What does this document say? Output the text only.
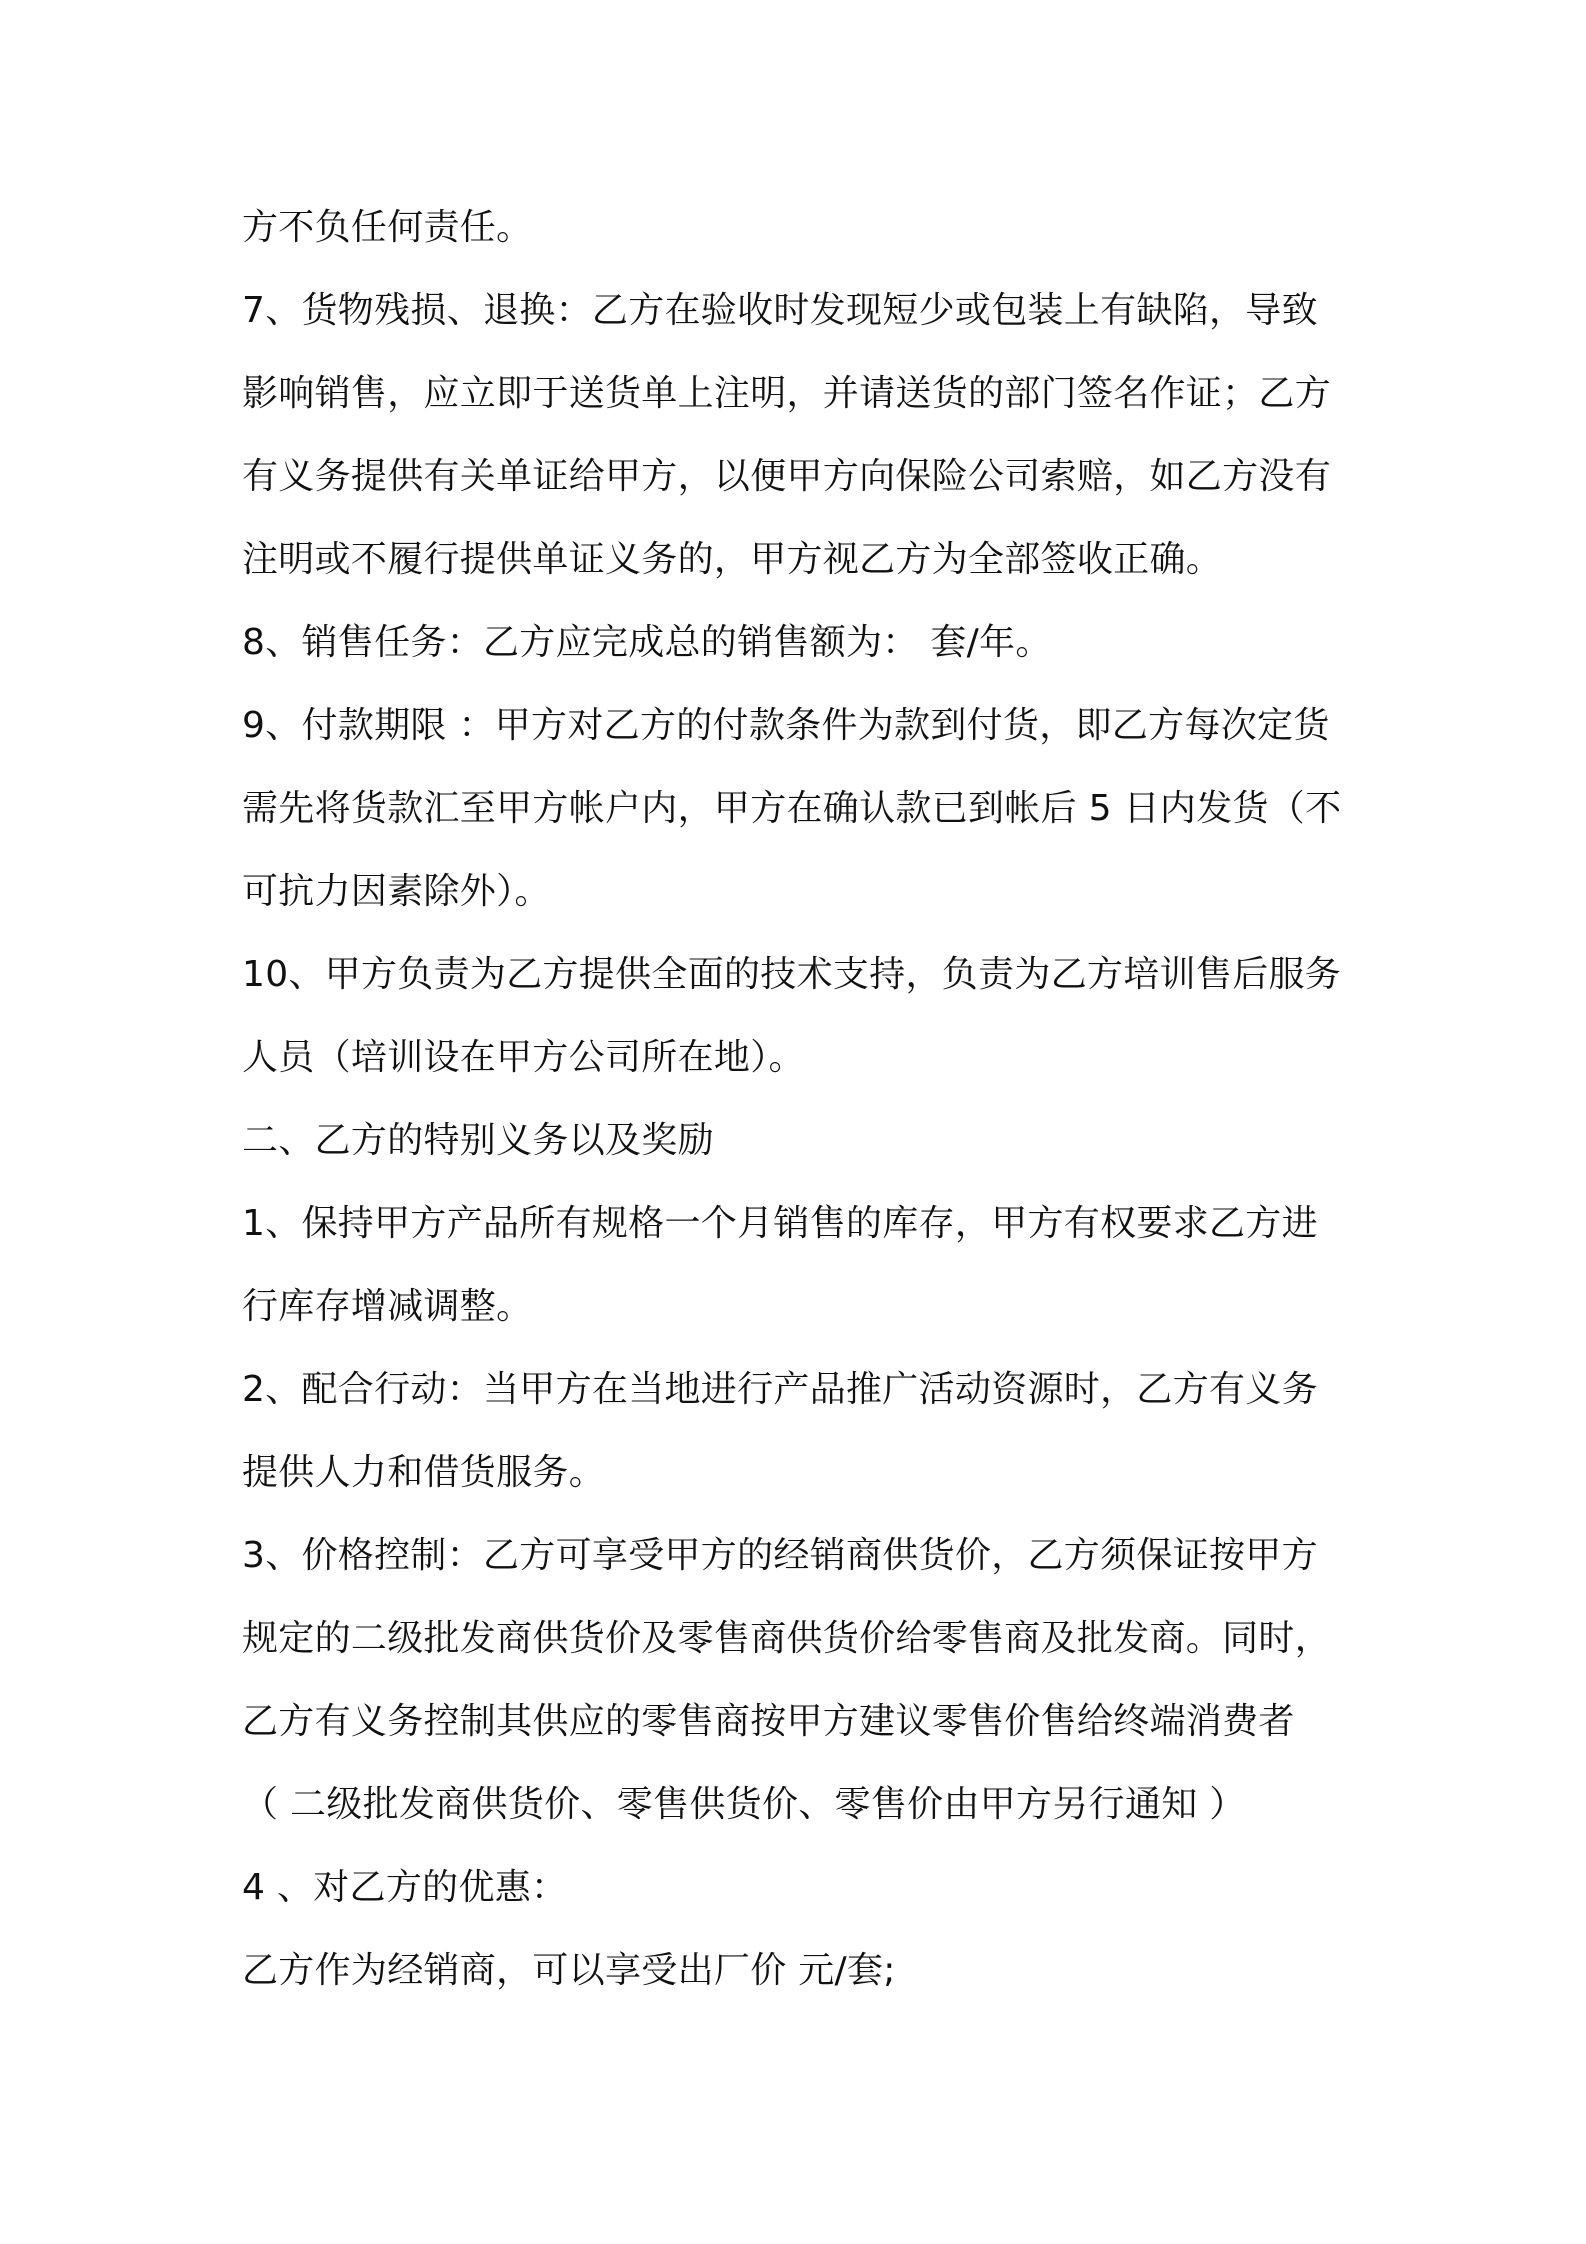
方不负任何责任。
7、货物残损、退换：乙方在验收时发现短少或包装上有缺陷，导致
影响销售，应立即于送货单上注明，并请送货的部门签名作证；乙方
有义务提供有关单证给甲方，以便甲方向保险公司索赔，如乙方没有
注明或不履行提供单证义务的，甲方视乙方为全部签收正确。
8、销售任务：乙方应完成总的销售额为： 套/年。
9、付款期限 ：甲方对乙方的付款条件为款到付货，即乙方每次定货
需先将货款汇至甲方帐户内，甲方在确认款已到帐后 5 日内发货（不
可抗力因素除外）。
10、甲方负责为乙方提供全面的技术支持，负责为乙方培训售后服务
人员（培训设在甲方公司所在地）。
二、乙方的特别义务以及奖励
1、保持甲方产品所有规格一个月销售的库存，甲方有权要求乙方进
行库存增减调整。
2、配合行动：当甲方在当地进行产品推广活动资源时，乙方有义务
提供人力和借货服务。
3、价格控制：乙方可享受甲方的经销商供货价，乙方须保证按甲方
规定的二级批发商供货价及零售商供货价给零售商及批发商。同时，
乙方有义务控制其供应的零售商按甲方建议零售价售给终端消费者
（ 二级批发商供货价、零售供货价、零售价由甲方另行通知 ）
4 、对乙方的优惠：
乙方作为经销商，可以享受出厂价 元/套;
